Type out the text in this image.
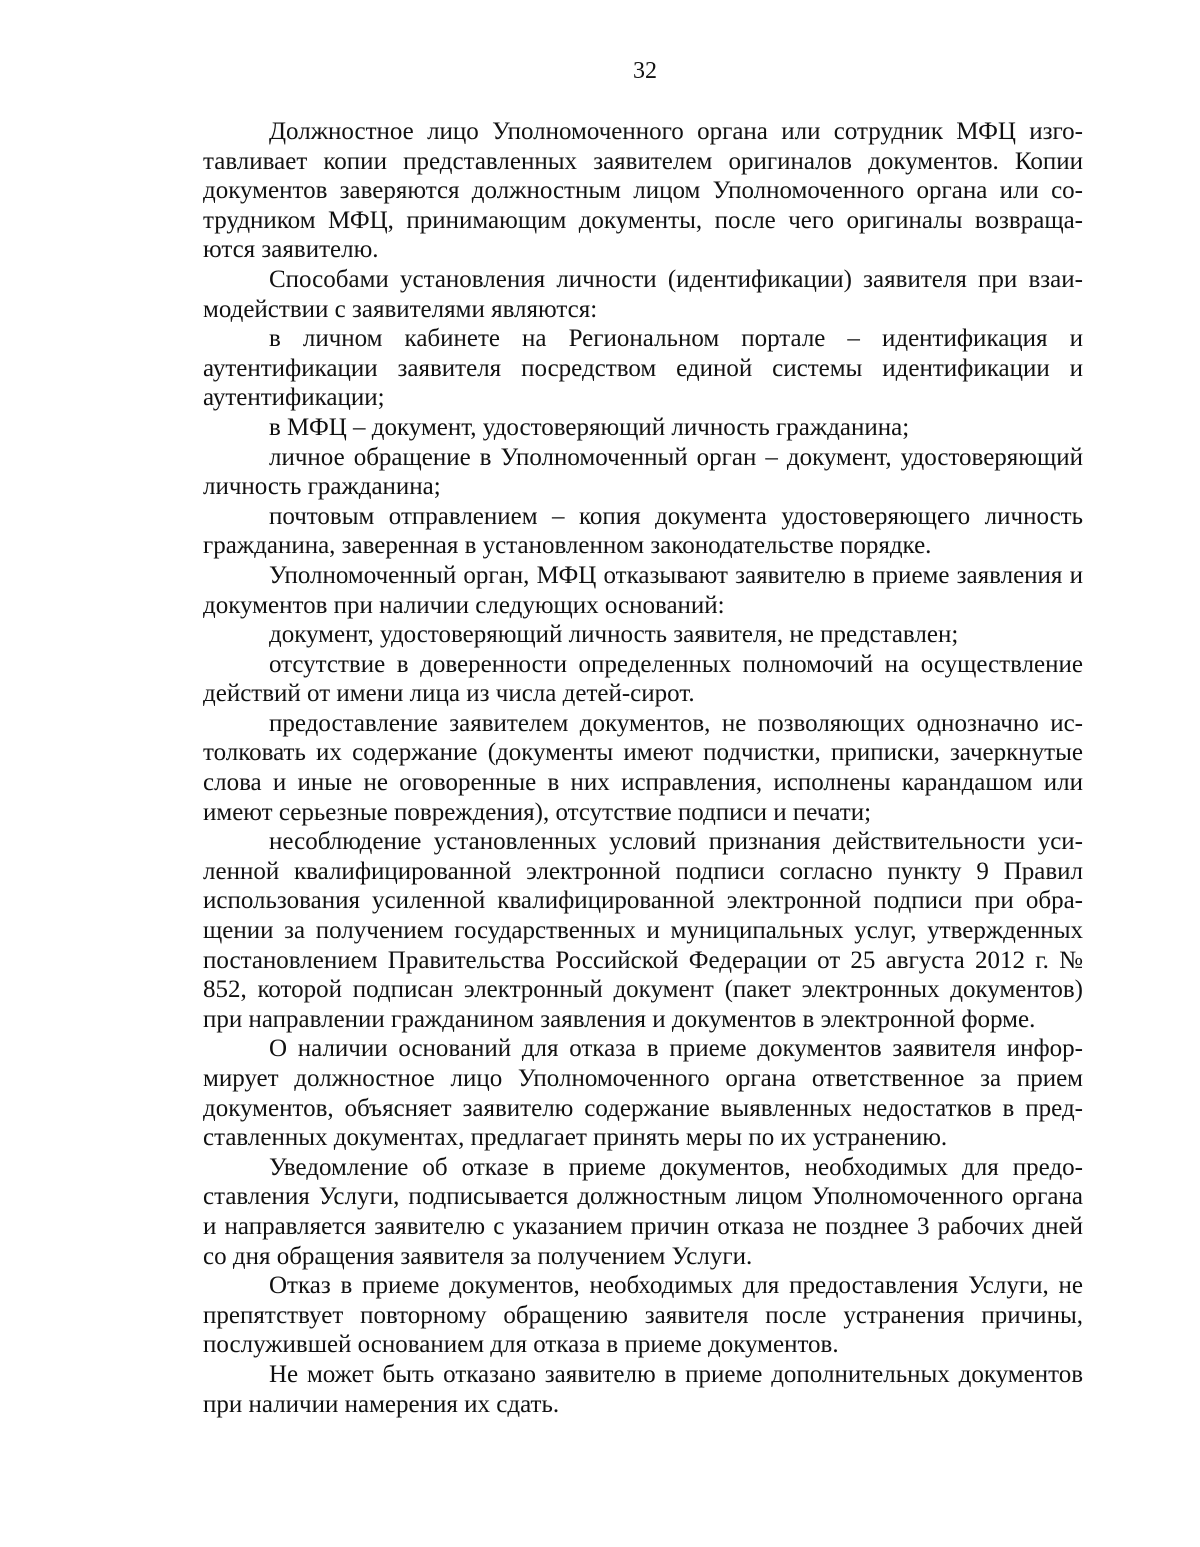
32

Должностное лицо Уполномоченного органа или сотрудник МФЦ изготавливает копии представленных заявителем оригиналов документов. Копии документов заверяются должностным лицом Уполномоченного органа или сотрудником МФЦ, принимающим документы, после чего оригиналы возвращаются заявителю.

Способами установления личности (идентификации) заявителя при взаимодействии с заявителями являются:

в личном кабинете на Региональном портале – идентификация и аутентификации заявителя посредством единой системы идентификации и аутентификации;

в МФЦ – документ, удостоверяющий личность гражданина;

личное обращение в Уполномоченный орган – документ, удостоверяющий личность гражданина;

почтовым отправлением – копия документа удостоверяющего личность гражданина, заверенная в установленном законодательстве порядке.

Уполномоченный орган, МФЦ отказывают заявителю в приеме заявления и документов при наличии следующих оснований:

документ, удостоверяющий личность заявителя, не представлен;

отсутствие в доверенности определенных полномочий на осуществление действий от имени лица из числа детей-сирот.

предоставление заявителем документов, не позволяющих однозначно истолковать их содержание (документы имеют подчистки, приписки, зачеркнутые слова и иные не оговоренные в них исправления, исполнены карандашом или имеют серьезные повреждения), отсутствие подписи и печати;

несоблюдение установленных условий признания действительности усиленной квалифицированной электронной подписи согласно пункту 9 Правил использования усиленной квалифицированной электронной подписи при обращении за получением государственных и муниципальных услуг, утвержденных постановлением Правительства Российской Федерации от 25 августа 2012 г. № 852, которой подписан электронный документ (пакет электронных документов) при направлении гражданином заявления и документов в электронной форме.

О наличии оснований для отказа в приеме документов заявителя информирует должностное лицо Уполномоченного органа ответственное за прием документов, объясняет заявителю содержание выявленных недостатков в представленных документах, предлагает принять меры по их устранению.

Уведомление об отказе в приеме документов, необходимых для предоставления Услуги, подписывается должностным лицом Уполномоченного органа и направляется заявителю с указанием причин отказа не позднее 3 рабочих дней со дня обращения заявителя за получением Услуги.

Отказ в приеме документов, необходимых для предоставления Услуги, не препятствует повторному обращению заявителя после устранения причины, послужившей основанием для отказа в приеме документов.

Не может быть отказано заявителю в приеме дополнительных документов при наличии намерения их сдать.
